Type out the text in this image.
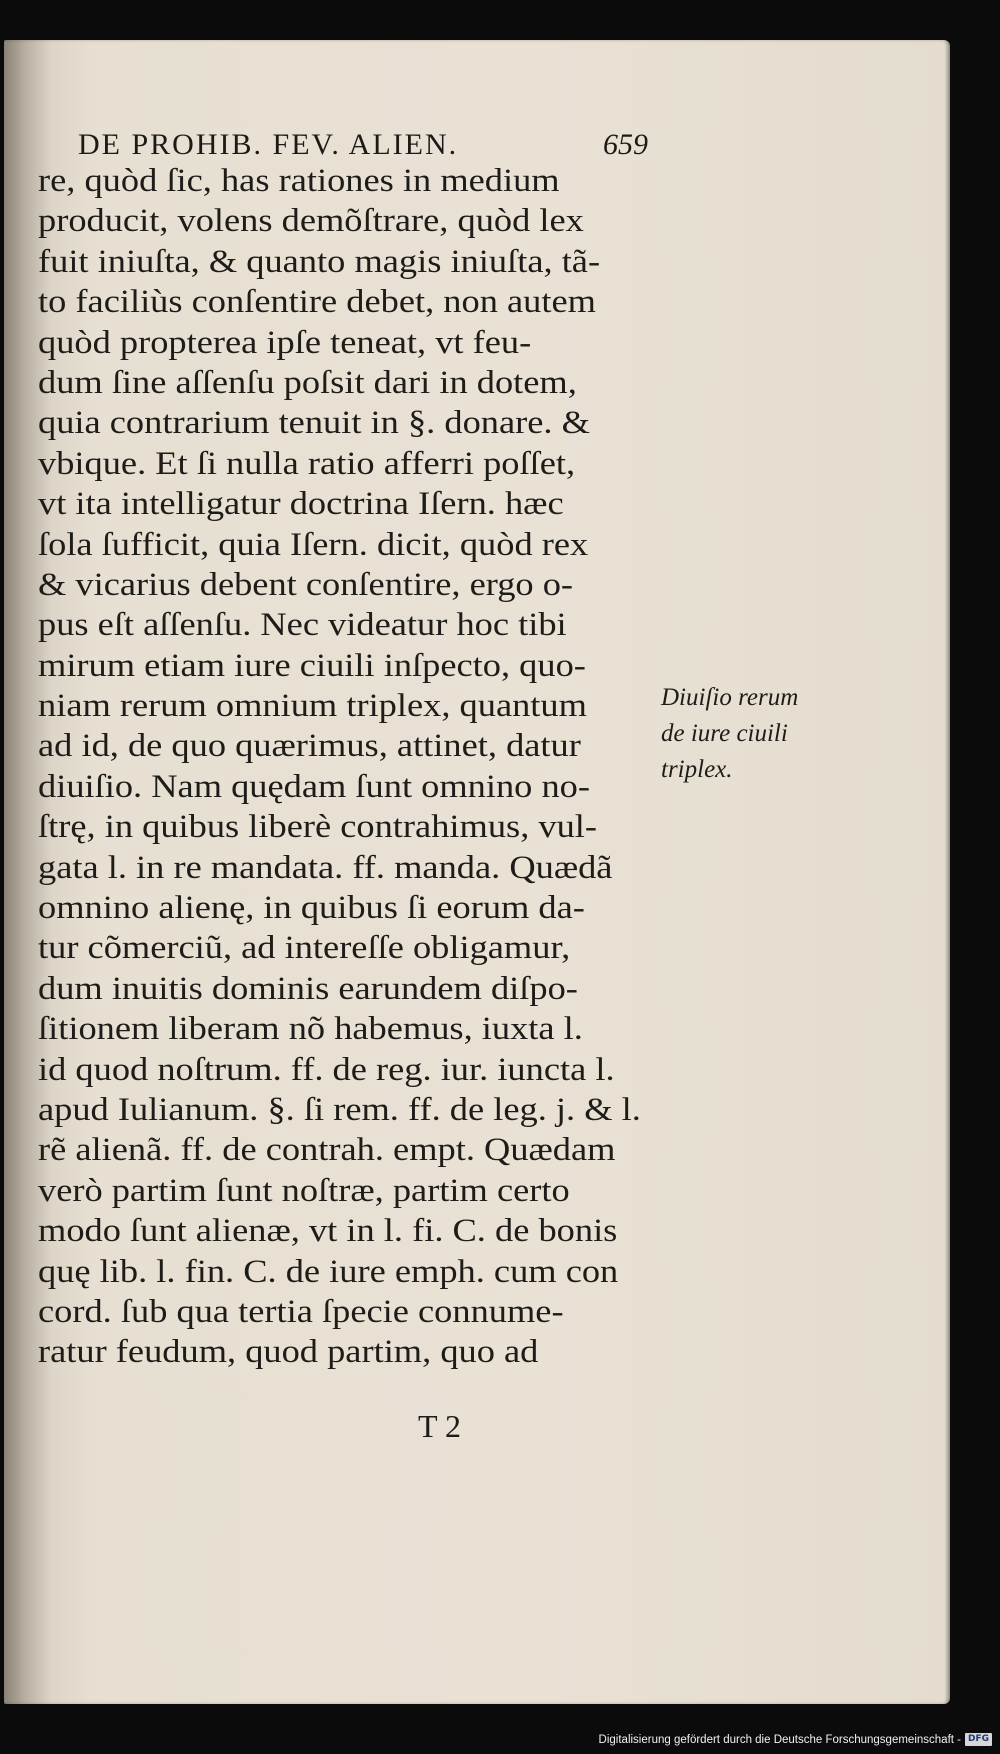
DE PROHIB. FEV. ALIEN.	659
re, quòd ſic, has rationes in medium
producit, volens demõſtrare, quòd lex
fuit iniuſta, & quanto magis iniuſta, tã-
to faciliùs conſentire debet, non autem
quòd propterea ipſe teneat, vt feu-
dum ſine aſſenſu poſsit dari in dotem,
quia contrarium tenuit in §. donare. &
vbique. Et ſi nulla ratio afferri poſſet,
vt ita intelligatur doctrina Iſern. hæc
ſola ſufficit, quia Iſern. dicit, quòd rex
& vicarius debent conſentire, ergo o-
pus eſt aſſenſu. Nec videatur hoc tibi
mirum etiam iure ciuili inſpecto, quo-
niam rerum omnium triplex, quantum
ad id, de quo quærimus, attinet, datur
diuiſio. Nam quędam ſunt omnino no-
ſtrę, in quibus liberè contrahimus, vul-
gata l. in re mandata. ff. manda. Quædã
omnino alienę, in quibus ſi eorum da-
tur cõmerciũ, ad intereſſe obligamur,
dum inuitis dominis earundem diſpo-
ſitionem liberam nõ habemus, iuxta l.
id quod noſtrum. ff. de reg. iur. iuncta l.
apud Iulianum. §. ſi rem. ff. de leg. j. & l.
rẽ alienã. ff. de contrah. empt. Quædam
verò partim ſunt noſtræ, partim certo
modo ſunt alienæ, vt in l. fi. C. de bonis
quę lib. l. fin. C. de iure emph. cum con
cord. ſub qua tertia ſpecie connume-
ratur feudum, quod partim, quo ad
Diuiſio rerum
de iure ciuili
triplex.
T 2
Digitalisierung gefördert durch die Deutsche Forschungsgemeinschaft - DFG
